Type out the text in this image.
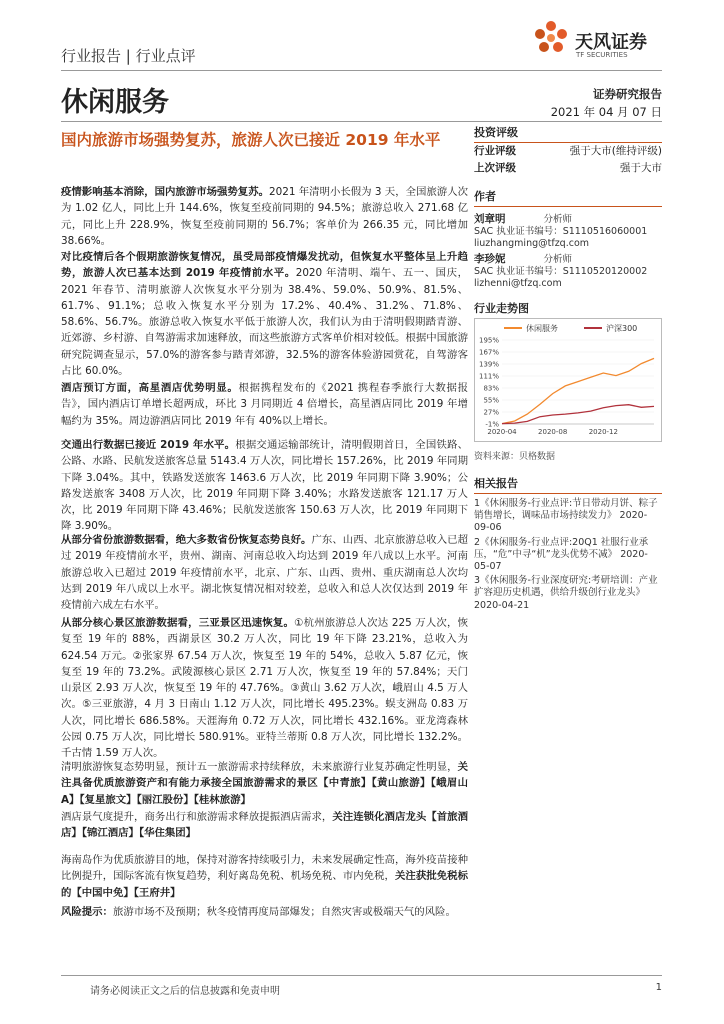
行业报告 | 行业点评
天风证券
TF SECURITIES
休闲服务	证券研究报告
2021 年 04 月 07 日
国内旅游市场强势复苏，旅游人次已接近 2019 年水平

疫情影响基本消除，国内旅游市场强势复苏。2021 年清明小长假为 3 天，全国旅游人次为 1.02 亿人，同比上升 144.6%，恢复至疫前同期的 94.5%；旅游总收入 271.68 亿元，同比上升 228.9%，恢复至疫前同期的 56.7%；客单价为 266.35 元，同比增加 38.66%。

对比疫情后各个假期旅游恢复情况，虽受局部疫情爆发扰动，但恢复水平整体呈上升趋势，旅游人次已基本达到 2019 年疫情前水平。2020 年清明、端午、五一、国庆，2021 年春节、清明旅游人次恢复水平分别为 38.4%、59.0%、50.9%、81.5%、61.7%、91.1%；总收入恢复水平分别为 17.2%、40.4%、31.2%、71.8%、58.6%、56.7%。旅游总收入恢复水平低于旅游人次，我们认为由于清明假期踏青游、近郊游、乡村游、自驾游需求加速释放，而这些旅游方式客单价相对较低。根据中国旅游研究院调查显示，57.0%的游客参与踏青郊游，32.5%的游客体验游园赏花，自驾游客占比 60.0%。

酒店预订方面，高星酒店优势明显。根据携程发布的《2021 携程春季旅行大数据报告》，国内酒店订单增长超两成，环比 3 月同期近 4 倍增长，高星酒店同比 2019 年增幅约为 35%。周边游酒店同比 2019 年有 40%以上增长。

交通出行数据已接近 2019 年水平。根据交通运输部统计，清明假期首日，全国铁路、公路、水路、民航发送旅客总量 5143.4 万人次，同比增长 157.26%，比 2019 年同期下降 3.04%。其中，铁路发送旅客 1463.6 万人次，比 2019 年同期下降 3.90%；公路发送旅客 3408 万人次，比 2019 年同期下降 3.40%；水路发送旅客 121.17 万人次，比 2019 年同期下降 43.46%；民航发送旅客 150.63 万人次，比 2019 年同期下降 3.90%。

从部分省份旅游数据看，绝大多数省份恢复态势良好。广东、山西、北京旅游总收入已超过 2019 年疫情前水平，贵州、湖南、河南总收入均达到 2019 年八成以上水平。河南旅游总收入已超过 2019 年疫情前水平，北京、广东、山西、贵州、重庆湖南总人次均达到 2019 年八成以上水平。湖北恢复情况相对较差，总收入和总人次仅达到 2019 年疫情前六成左右水平。

从部分核心景区旅游数据看，三亚景区迅速恢复。①杭州旅游总人次达 225 万人次，恢复至 19 年的 88%，西湖景区 30.2 万人次，同比 19 年下降 23.21%，总收入为 624.54 万元。②张家界 67.54 万人次，恢复至 19 年的 54%，总收入 5.87 亿元，恢复至 19 年的 73.2%。武陵源核心景区 2.71 万人次，恢复至 19 年的 57.84%；天门山景区 2.93 万人次，恢复至 19 年的 47.76%。③黄山 3.62 万人次，峨眉山 4.5 万人次。⑤三亚旅游，4 月 3 日南山 1.12 万人次，同比增长 495.23%。蜈支洲岛 0.83 万人次，同比增长 686.58%。天涯海角 0.72 万人次，同比增长 432.16%。亚龙湾森林公园 0.75 万人次，同比增长 580.91%。亚特兰蒂斯 0.8 万人次，同比增长 132.2%。千古情 1.59 万人次。

清明旅游恢复态势明显，预计五一旅游需求持续释放，未来旅游行业复苏确定性明显，关注具备优质旅游资产和有能力承接全国旅游需求的景区【中青旅】【黄山旅游】【峨眉山 A】【复星旅文】【丽江股份】【桂林旅游】

酒店景气度提升，商务出行和旅游需求释放提振酒店需求，关注连锁化酒店龙头【首旅酒店】【锦江酒店】【华住集团】

海南岛作为优质旅游目的地，保持对游客持续吸引力，未来发展确定性高，海外疫苗接种比例提升，国际客流有恢复趋势，利好离岛免税、机场免税、市内免税，关注获批免税标的【中国中免】【王府井】

风险提示：旅游市场不及预期；秋冬疫情再度局部爆发；自然灾害或极端天气的风险。

投资评级
行业评级	强于大市(维持评级)
上次评级	强于大市
作者
刘章明	分析师
SAC 执业证书编号：S1110516060001
liuzhangming@tfzq.com
李珍妮	分析师
SAC 执业证书编号：S1110520120002
lizhenni@tfzq.com
行业走势图
休闲服务	沪深300
195%
167%
139%
111%
83%
55%
27%
-1%
2020-04	2020-08	2020-12
资料来源：贝格数据
相关报告

1《休闲服务-行业点评:节日带动月饼、粽子销售增长，调味品市场持续发力》 2020-09-06

2《休闲服务-行业点评:20Q1 社服行业承压，“危”中寻“机”龙头优势不减》 2020-05-07

3《休闲服务-行业深度研究:考研培训：产业扩容迎历史机遇，供给升级创行业龙头》 2020-04-21

请务必阅读正文之后的信息披露和免责申明	1
